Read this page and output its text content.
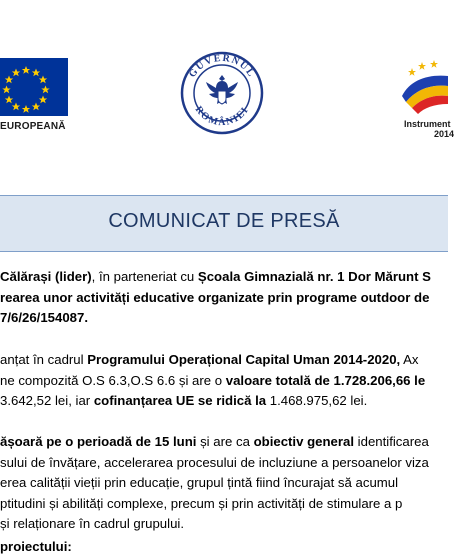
EUROPEANĂ
GUVERNUL
ROMÂNIEI
Instrument
2014
COMUNICAT DE PRESĂ
Călărași (lider), în parteneriat cu Școala Gimnazială nr. 1 Dor Mărunt S
rearea unor activități educative organizate prin programe outdoor de
7/6/26/154087.
anțat în cadrul Programului Operațional Capital Uman 2014-2020, Ax
ne compozită O.S 6.3,O.S 6.6 și are o valoare totală de 1.728.206,66 le
3.642,52 lei, iar cofinanțarea UE se ridică la 1.468.975,62 lei.
ășoară pe o perioadă de 15 luni și are ca obiectiv general identificarea
sului de învățare, accelerarea procesului de incluziune a persoanelor viza
erea calității vieții prin educație, grupul țintă fiind încurajat să acumul
ptitudini și abilități complexe, precum și prin activități de stimulare a p
și relaționare în cadrul grupului.
proiectului:
